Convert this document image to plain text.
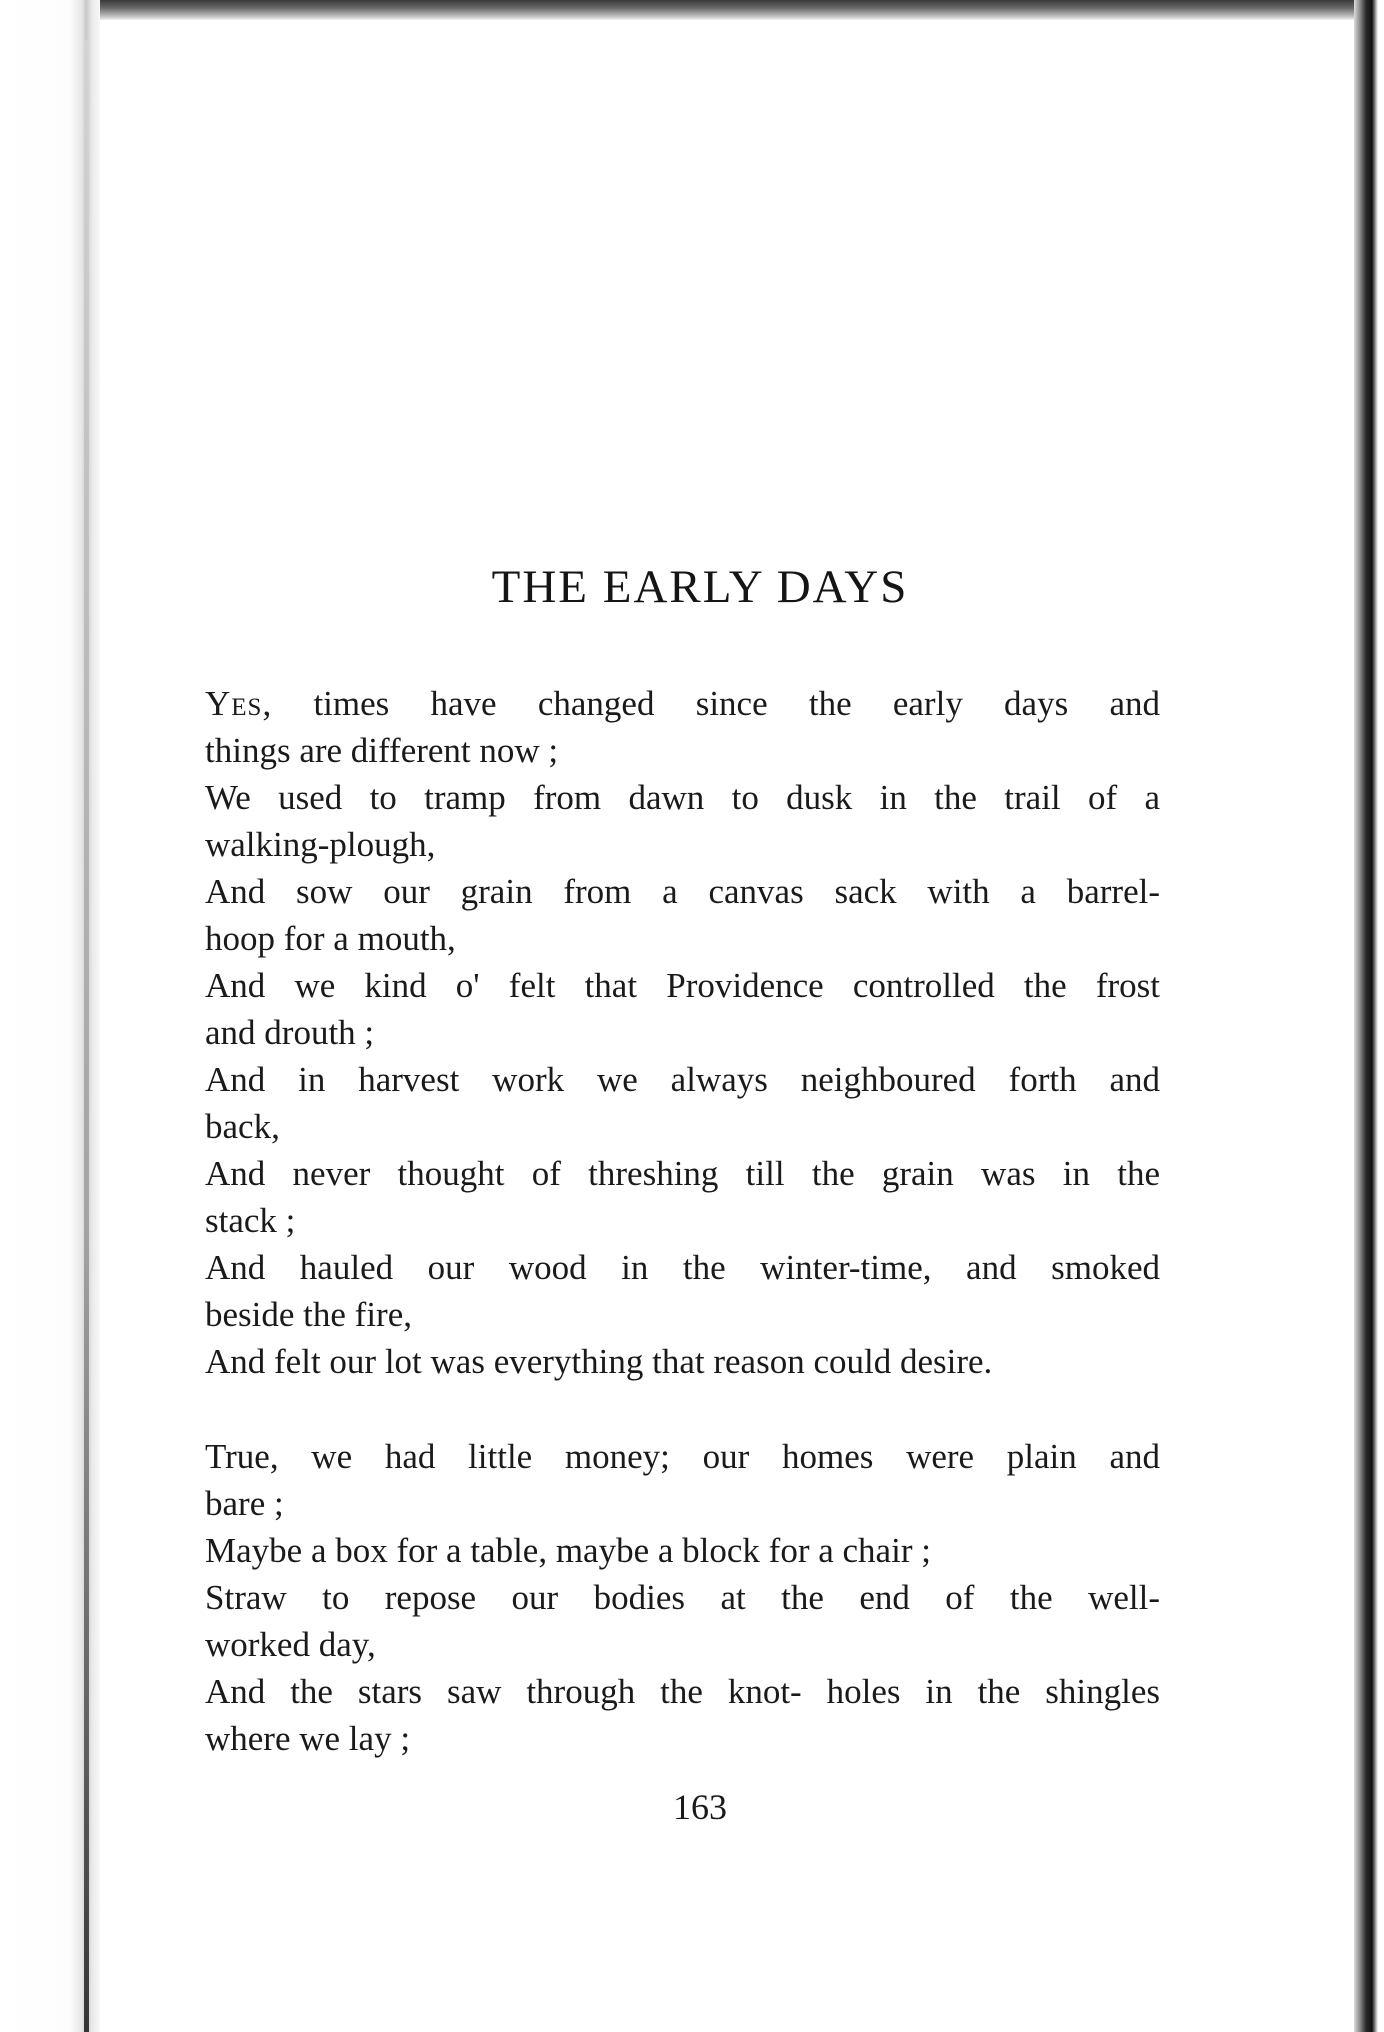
THE EARLY DAYS
Yes, times have changed since the early days and
things are different now ;
We used to tramp from dawn to dusk in the trail of a
walking-plough,
And sow our grain from a canvas sack with a barrel-
hoop for a mouth,
And we kind o' felt that Providence controlled the frost
and drouth ;
And in harvest work we always neighboured forth and
back,
And never thought of threshing till the grain was in the
stack ;
And hauled our wood in the winter-time, and smoked
beside the fire,
And felt our lot was everything that reason could desire.
True, we had little money; our homes were plain and
bare ;
Maybe a box for a table, maybe a block for a chair ;
Straw to repose our bodies at the end of the well-
worked day,
And the stars saw through the knot- holes in the shingles
where we lay ;
163
